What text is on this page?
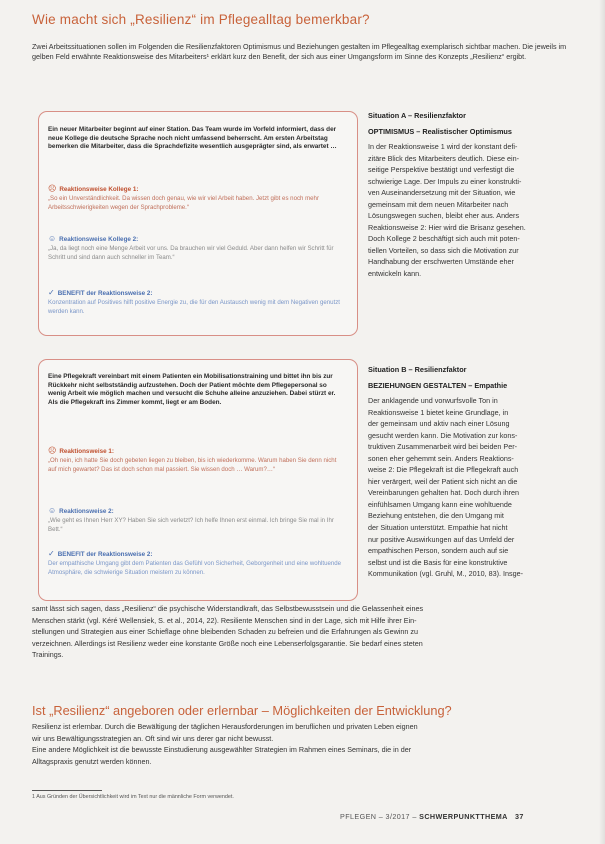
Wie macht sich „Resilienz“ im Pflegealltag bemerkbar?
Zwei Arbeitssituationen sollen im Folgenden die Resilienzfaktoren Optimismus und Beziehungen gestalten im Pflegealltag exemplarisch sichtbar machen. Die jeweils im gelben Feld erwähnte Reaktionsweise des Mitarbeiters¹ erklärt kurz den Benefit, der sich aus einer Umgangsform im Sinne des Konzepts „Resilienz“ ergibt.
Ein neuer Mitarbeiter beginnt auf einer Station. Das Team wurde im Vorfeld informiert, dass der neue Kollege die deutsche Sprache noch nicht umfassend beherrscht. Am ersten Arbeitstag bemerken die Mitarbeiter, dass die Sprachdefizite wesentlich ausgeprägter sind, als erwartet …
☹ Reaktionsweise Kollege 1:
„So ein Unverständlichkeit. Da wissen doch genau, wie wir viel Arbeit haben. Jetzt gibt es noch mehr Arbeitsschwierigkeiten wegen der Sprachprobleme.“
☺ Reaktionsweise Kollege 2:
„Ja, da liegt noch eine Menge Arbeit vor uns. Da brauchen wir viel Geduld. Aber dann helfen wir Schritt für Schritt und sind dann auch schneller im Team.“
✓ BENEFIT der Reaktionsweise 2:
Konzentration auf Positives hilft positive Energie zu, die für den Austausch wenig mit dem Negativen genutzt werden kann.
Eine Pflegekraft vereinbart mit einem Patienten ein Mobilisationstraining und bittet ihn bis zur Rückkehr nicht selbstständig aufzustehen. Doch der Patient möchte dem Pflegepersonal so wenig Arbeit wie möglich machen und versucht die Schuhe alleine anzuziehen. Dabei stürzt er. Als die Pflegekraft ins Zimmer kommt, liegt er am Boden.
☹ Reaktionsweise 1:
„Oh nein, ich hatte Sie doch gebeten liegen zu bleiben, bis ich wiederkomme. Warum haben Sie denn nicht auf mich gewartet? Das ist doch schon mal passiert. Sie wissen doch … Warum?…“
☺ Reaktionsweise 2:
„Wie geht es Ihnen Herr XY? Haben Sie sich verletzt? Ich helfe Ihnen erst einmal. Ich bringe Sie mal in Ihr Bett.“
✓ BENEFIT der Reaktionsweise 2:
Der empathische Umgang gibt dem Patienten das Gefühl von Sicherheit, Geborgenheit und eine wohltuende Atmosphäre, die schwierige Situation meistern zu können.
Situation A – Resilienzfaktor
OPTIMISMUS – Realistischer Optimismus
In der Reaktionsweise 1 wird der konstant defi-
zitäre Blick des Mitarbeiters deutlich. Diese ein-
seitige Perspektive bestätigt und verfestigt die
schwierige Lage. Der Impuls zu einer konstrukti-
ven Auseinandersetzung mit der Situation, wie
gemeinsam mit dem neuen Mitarbeiter nach
Lösungswegen suchen, bleibt eher aus. Anders
Reaktionsweise 2: Hier wird die Brisanz gesehen.
Doch Kollege 2 beschäftigt sich auch mit poten-
tiellen Vorteilen, so dass sich die Motivation zur
Handhabung der erschwerten Umstände eher
entwickeln kann.
Situation B – Resilienzfaktor
BEZIEHUNGEN GESTALTEN – Empathie
Der anklagende und vorwurfsvolle Ton in
Reaktionsweise 1 bietet keine Grundlage, in
der gemeinsam und aktiv nach einer Lösung
gesucht werden kann. Die Motivation zur kons-
truktiven Zusammenarbeit wird bei beiden Per-
sonen eher gehemmt sein. Anders Reaktions-
weise 2: Die Pflegekraft ist die Pflegekraft auch
hier verärgert, weil der Patient sich nicht an die
Vereinbarungen gehalten hat. Doch durch ihren
einfühlsamen Umgang kann eine wohltuende
Beziehung entstehen, die den Umgang mit
der Situation unterstützt. Empathie hat nicht
nur positive Auswirkungen auf das Umfeld der
empathischen Person, sondern auch auf sie
selbst und ist die Basis für eine konstruktive
Kommunikation (vgl. Gruhl, M., 2010, 83). Insge-
samt lässt sich sagen, dass „Resilienz“ die psychische Widerstandkraft, das Selbstbewusstsein und die Gelassenheit eines
Menschen stärkt (vgl. Kéré Wellensiek, S. et al., 2014, 22). Resiliente Menschen sind in der Lage, sich mit Hilfe ihrer Ein-
stellungen und Strategien aus einer Schieflage ohne bleibenden Schaden zu befreien und die Erfahrungen als Gewinn zu
verzeichnen. Allerdings ist Resilienz weder eine konstante Größe noch eine Lebenserfolgsgarantie. Sie bedarf eines steten
Trainings.
Ist „Resilienz“ angeboren oder erlernbar – Möglichkeiten der Entwicklung?
Resilienz ist erlernbar. Durch die Bewältigung der täglichen Herausforderungen im beruflichen und privaten Leben eignen
wir uns Bewältigungsstrategien an. Oft sind wir uns derer gar nicht bewusst.
Eine andere Möglichkeit ist die bewusste Einstudierung ausgewählter Strategien im Rahmen eines Seminars, die in der
Alltagspraxis genutzt werden können.
1 Aus Gründen der Übersichtlichkeit wird im Text nur die männliche Form verwendet.
PFLEGEN – 3/2017 – SCHWERPUNKTTHEMA 37
